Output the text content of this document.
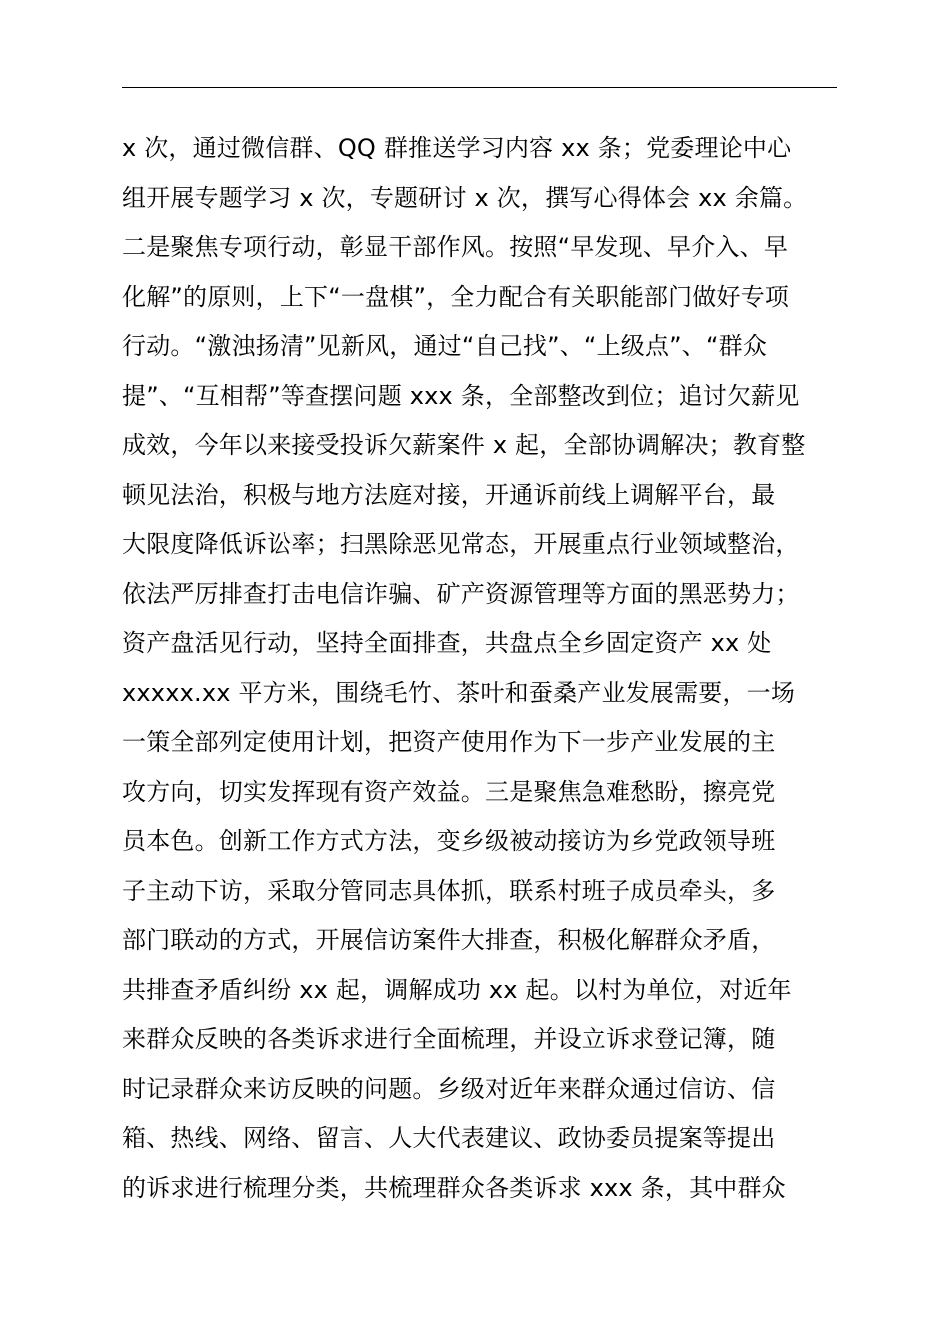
x 次，通过微信群、QQ 群推送学习内容 xx 条；党委理论中心
组开展专题学习 x 次，专题研讨 x 次，撰写心得体会 xx 余篇。
二是聚焦专项行动，彰显干部作风。按照“早发现、早介入、早
化解”的原则，上下“一盘棋”，全力配合有关职能部门做好专项
行动。“激浊扬清”见新风，通过“自己找”、“上级点”、“群众
提”、“互相帮”等查摆问题 xxx 条，全部整改到位；追讨欠薪见
成效，今年以来接受投诉欠薪案件 x 起，全部协调解决；教育整
顿见法治，积极与地方法庭对接，开通诉前线上调解平台，最
大限度降低诉讼率；扫黑除恶见常态，开展重点行业领域整治，
依法严厉排查打击电信诈骗、矿产资源管理等方面的黑恶势力；
资产盘活见行动，坚持全面排查，共盘点全乡固定资产 xx 处
xxxxx.xx 平方米，围绕毛竹、茶叶和蚕桑产业发展需要，一场
一策全部列定使用计划，把资产使用作为下一步产业发展的主
攻方向，切实发挥现有资产效益。三是聚焦急难愁盼，擦亮党
员本色。创新工作方式方法，变乡级被动接访为乡党政领导班
子主动下访，采取分管同志具体抓，联系村班子成员牵头，多
部门联动的方式，开展信访案件大排查，积极化解群众矛盾，
共排查矛盾纠纷 xx 起，调解成功 xx 起。以村为单位，对近年
来群众反映的各类诉求进行全面梳理，并设立诉求登记簿，随
时记录群众来访反映的问题。乡级对近年来群众通过信访、信
箱、热线、网络、留言、人大代表建议、政协委员提案等提出
的诉求进行梳理分类，共梳理群众各类诉求 xxx 条，其中群众
